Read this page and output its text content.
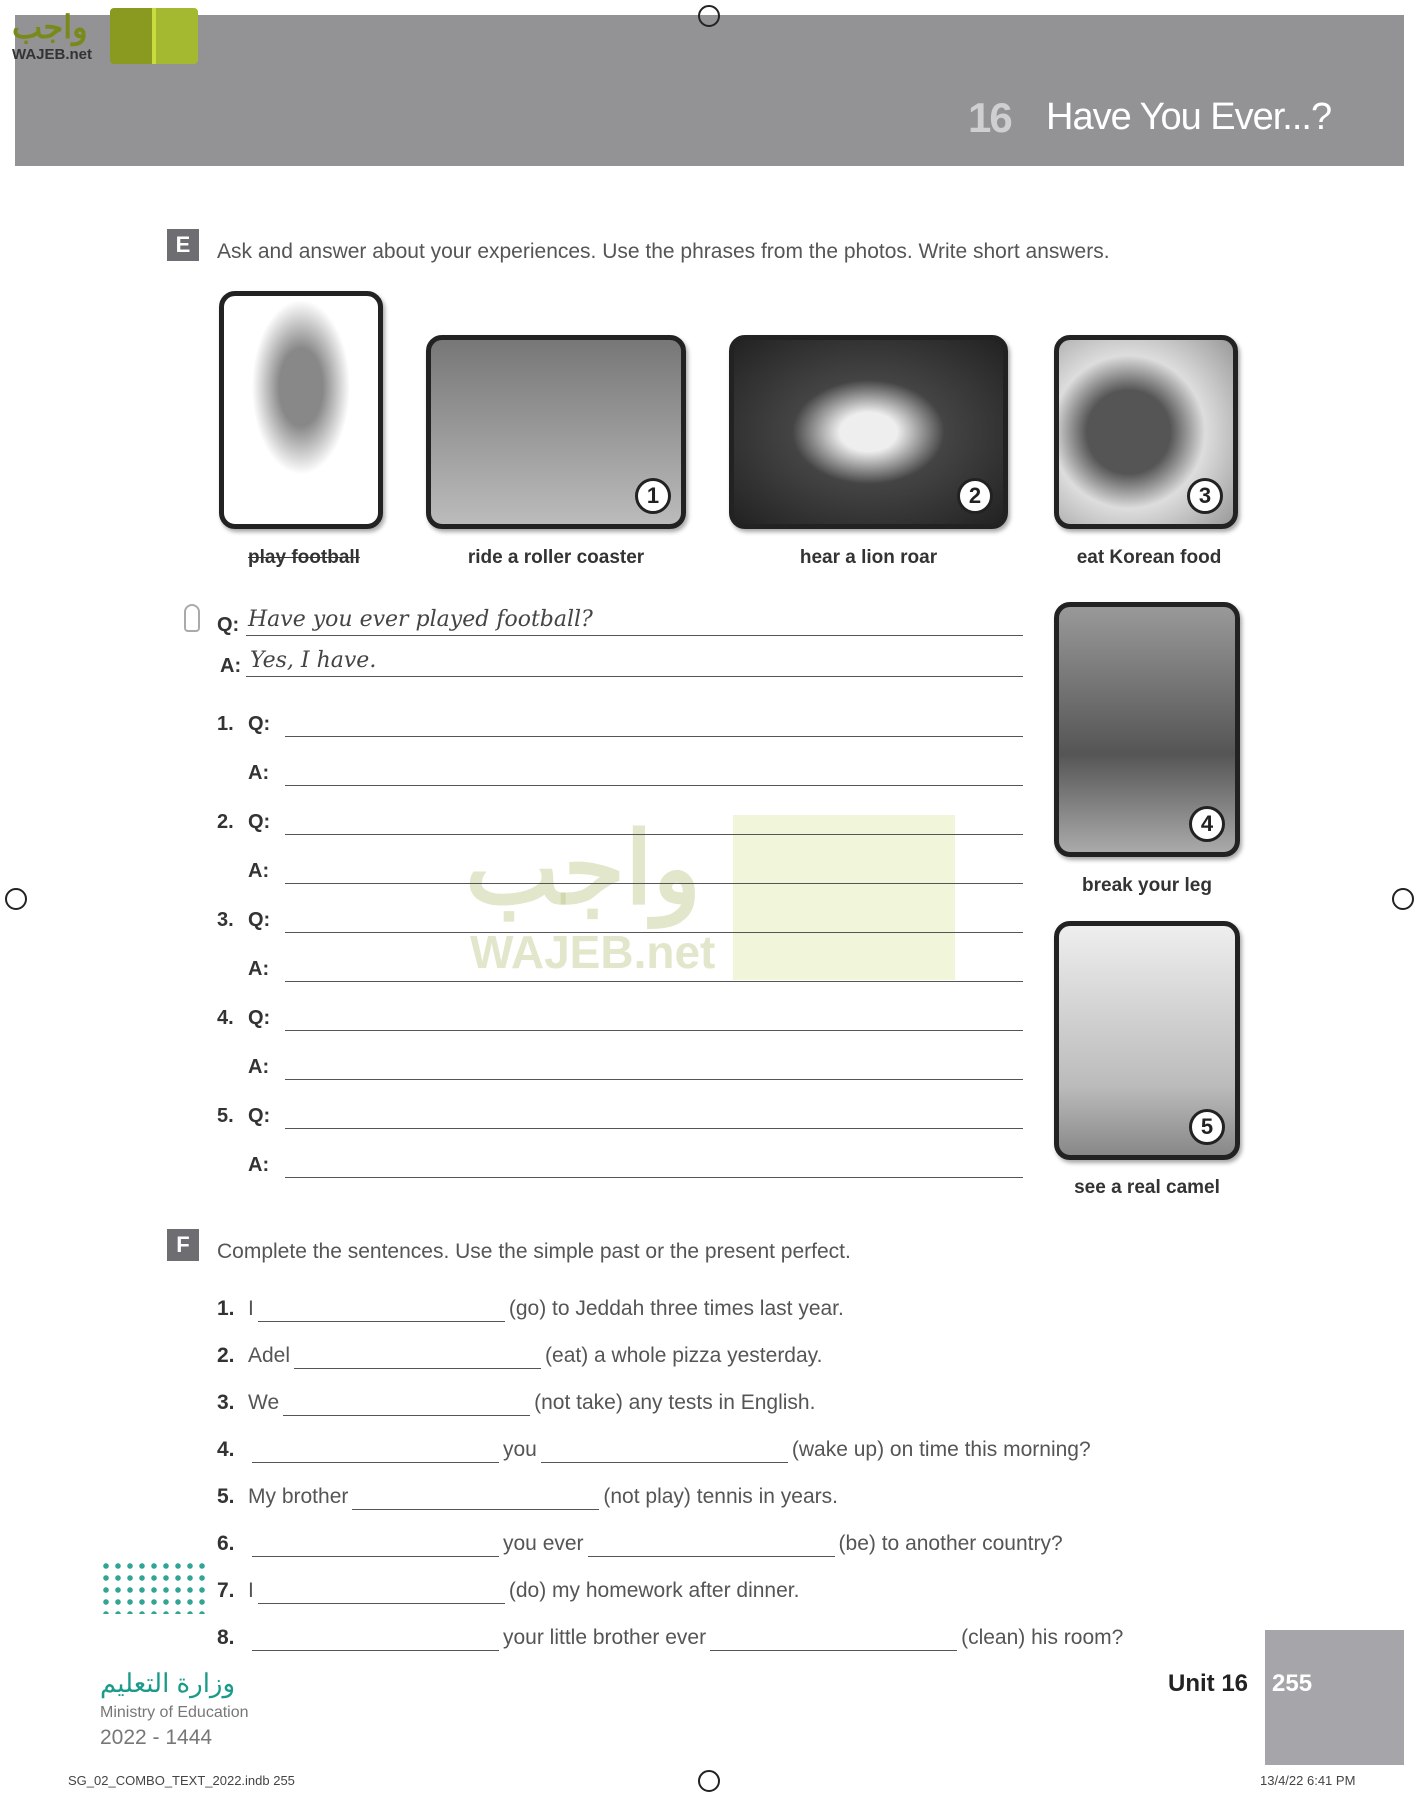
16 Have You Ever...?
واجب
WAJEB.net
واجب
WAJEB.net
E	Ask and answer about your experiences. Use the phrases from the photos. Write short answers.
1	2	3
play football	ride a roller coaster	hear a lion roar	eat Korean food
4
break your leg
5
see a real camel
Q: Have you ever played football?
A: Yes, I have.
1. Q:
A:
2. Q:
A:
3. Q:
A:
4. Q:
A:
5. Q:
A:
وزارة التعليم
Ministry of Education
2022 - 1444
F	Complete the sentences. Use the simple past or the present perfect.
1. I	(go) to Jeddah three times last year.
2. Adel	(eat) a whole pizza yesterday.
3. We	(not take) any tests in English.
4.	you	(wake up) on time this morning?
5. My brother	(not play) tennis in years.
6.	you ever	(be) to another country?
7. I	(do) my homework after dinner.
8.	your little brother ever	(clean) his room?
Unit 16 255
SG_02_COMBO_TEXT_2022.indb 255	13/4/22 6:41 PM
